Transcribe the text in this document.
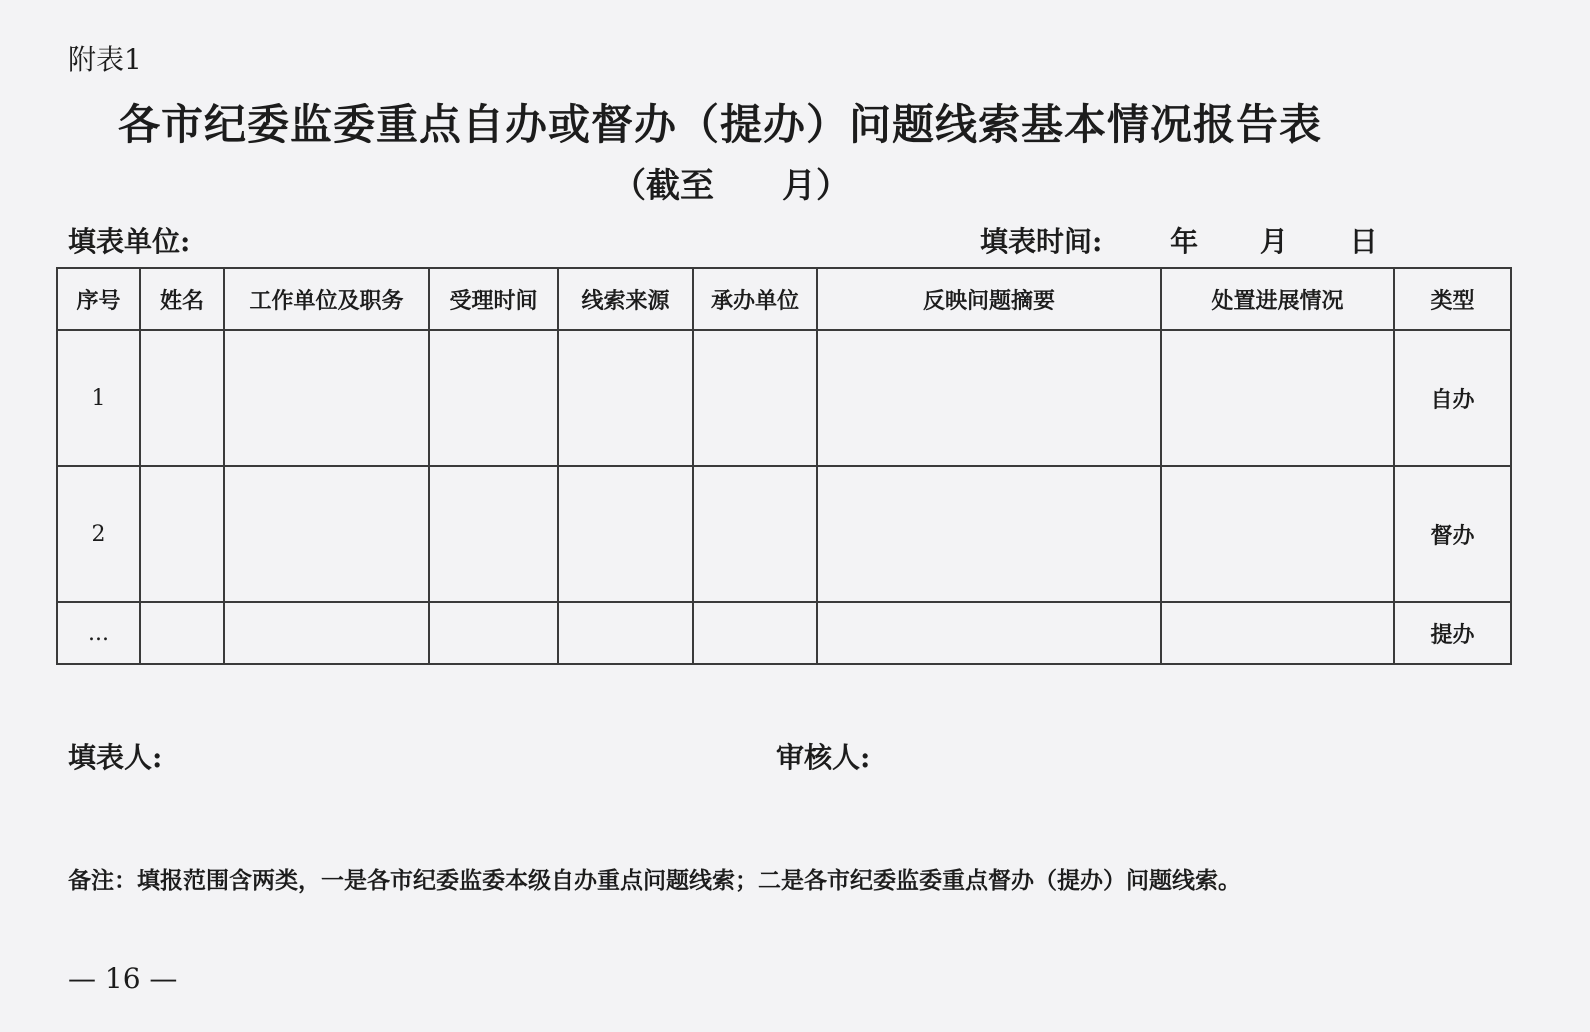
附表1
各市纪委监委重点自办或督办（提办）问题线索基本情况报告表
（截至　　月）
填表单位:	填表时间: 年 月 日
序号	姓名	工作单位及职务	受理时间	线索来源	承办单位	反映问题摘要	处置进展情况	类型
1								自办
2								督办
...								提办
填表人:	审核人:
备注：填报范围含两类，一是各市纪委监委本级自办重点问题线索；二是各市纪委监委重点督办（提办）问题线索。
— 16 —
